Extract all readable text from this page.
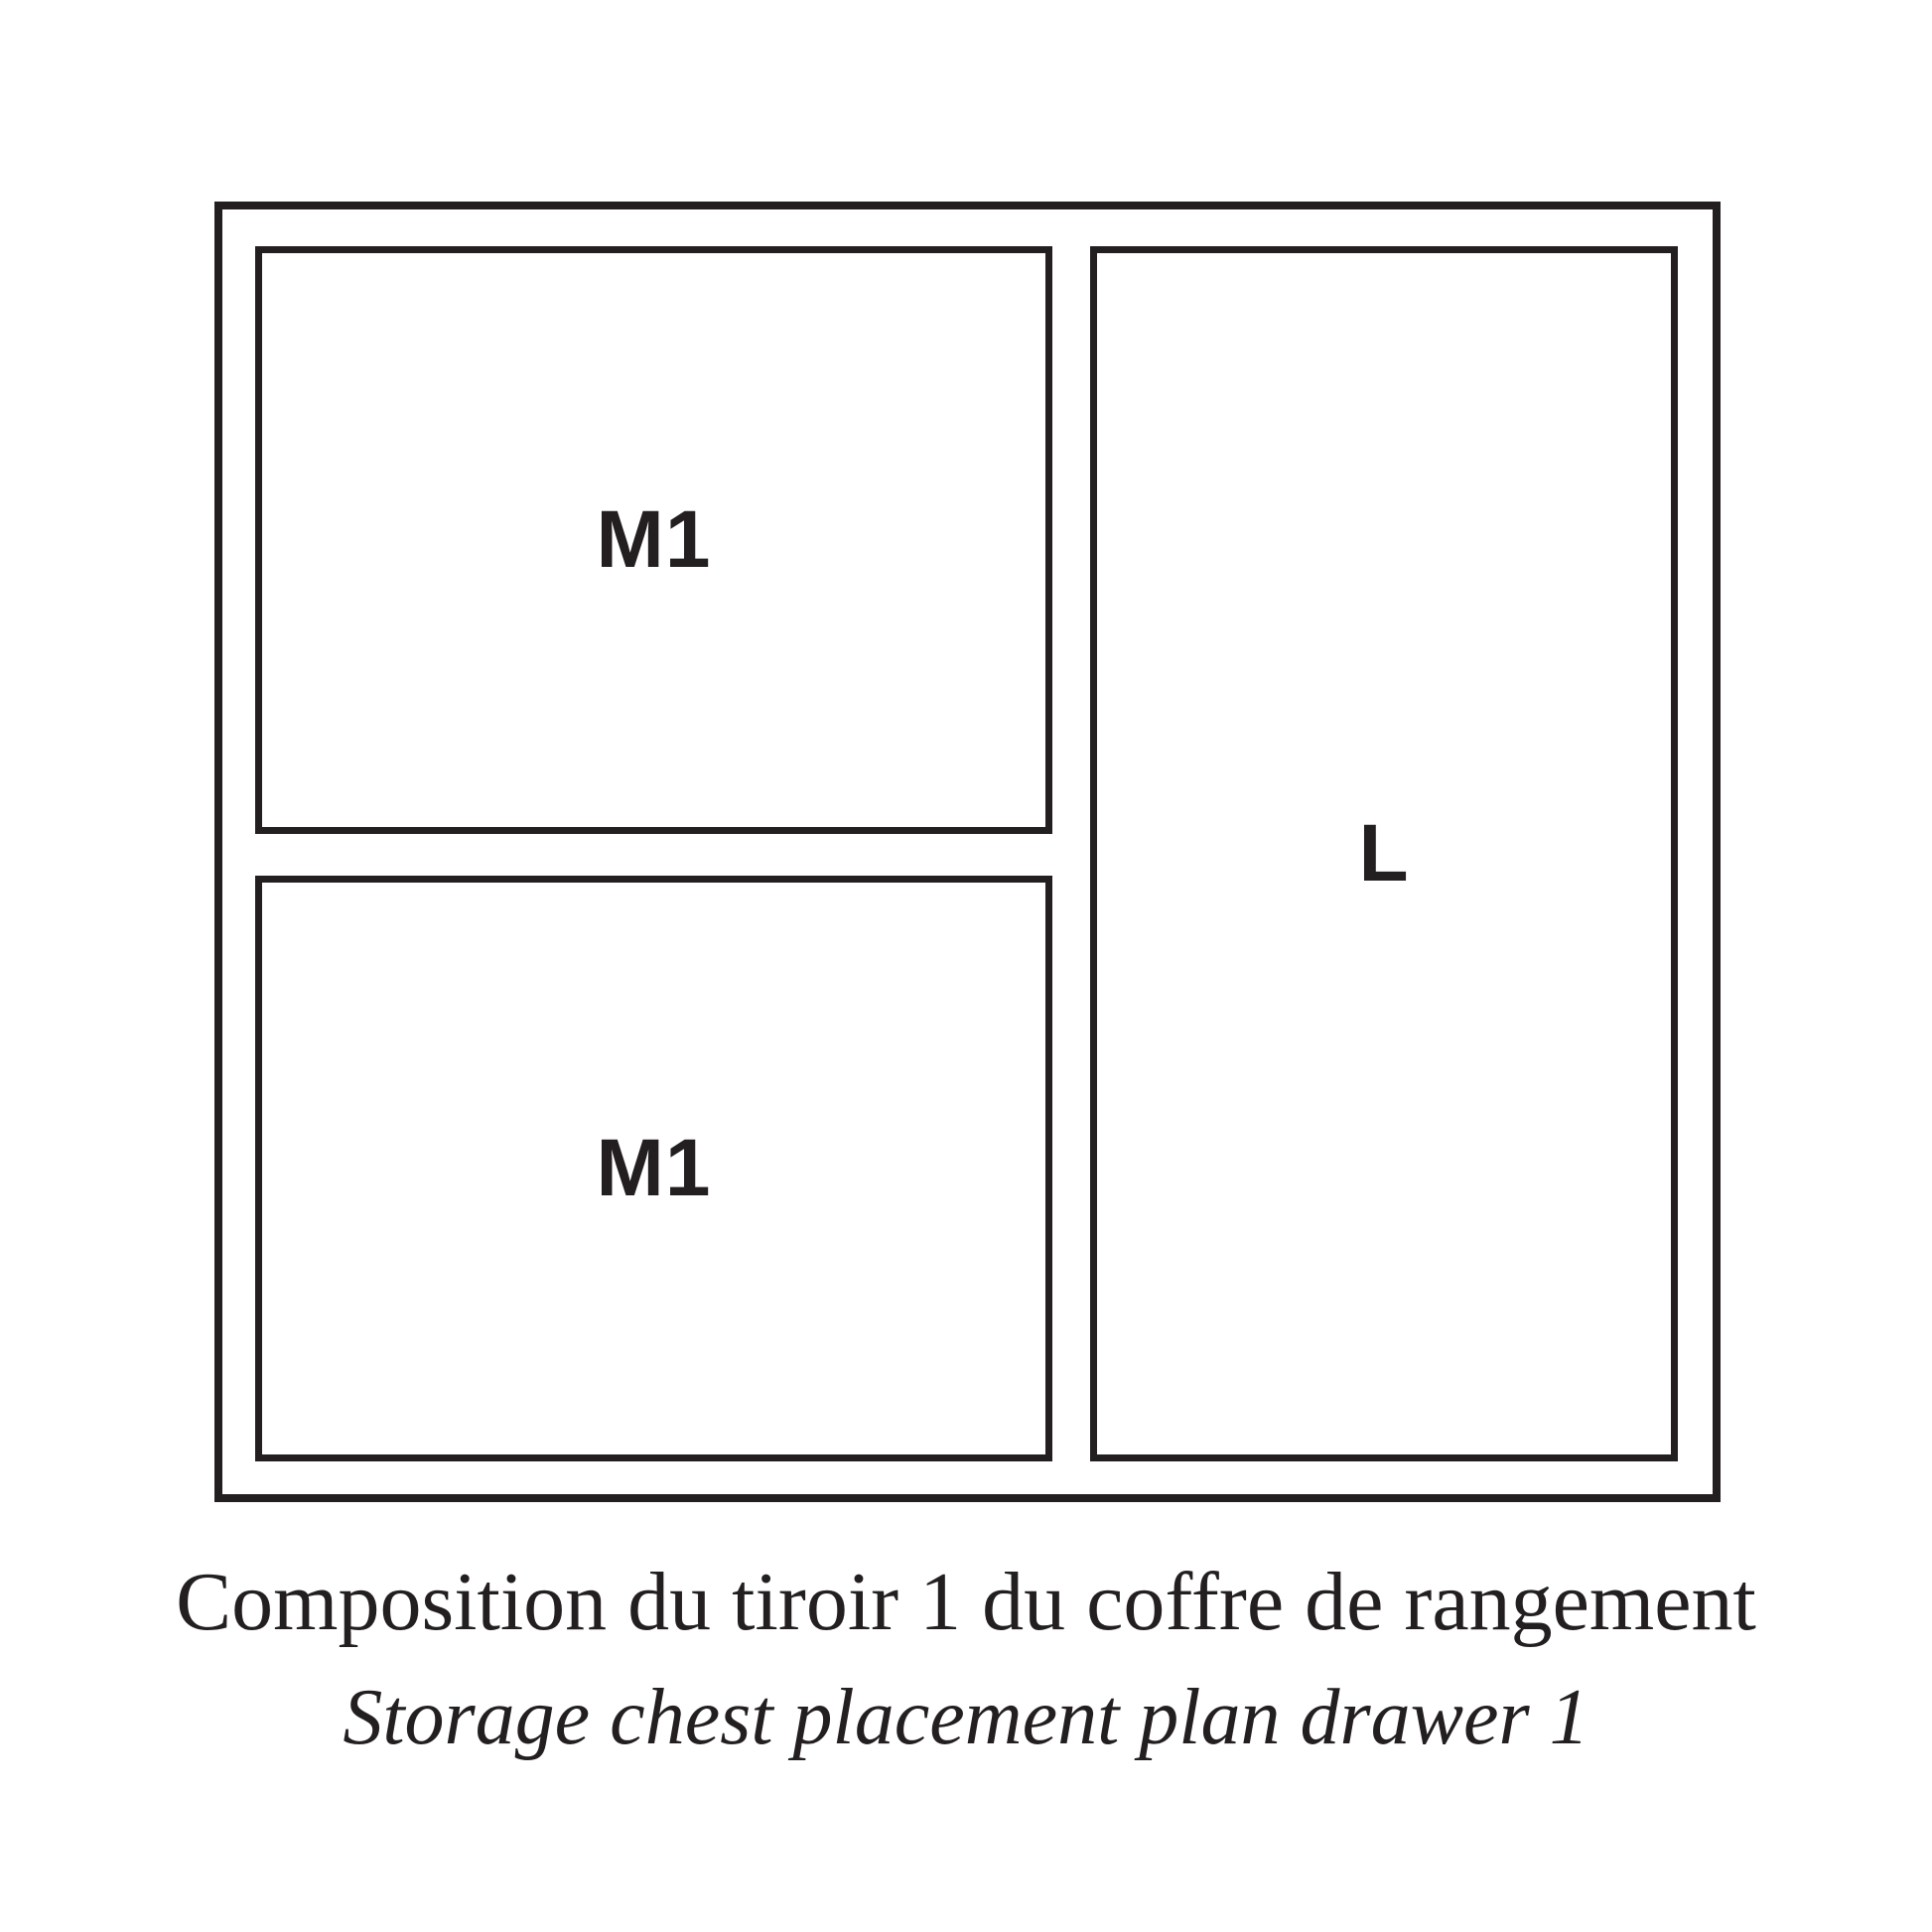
M1
M1
L

Composition du tiroir 1 du coffre de rangement

Storage chest placement plan drawer 1
